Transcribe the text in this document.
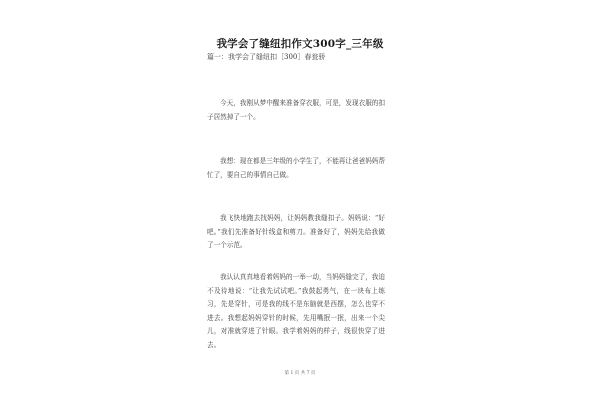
我学会了缝纽扣作文300字_三年级
篇一：我学会了缝纽扣［300］春瓮骄

今天，我刚从梦中醒来准备穿衣服，可是，发现衣服的扣子居然掉了一个。

我想：现在都是三年级的小学生了，不能再让爸爸妈妈帮忙了，要自己的事情自己做。

我飞快地跑去找妈妈，让妈妈教我缝扣子。妈妈说：“好吧。”我们先准备好针线盒和剪刀。准备好了，妈妈先给我做了一个示范。

我认认真真地看着妈妈的一举一动，当妈妈缝完了，我迫不及待地说：“让我先试试吧。”我鼓起勇气，在一块布上练习，先是穿针，可是我的线不是东脑就是西摆，怎么也穿不进去。我想起妈妈穿针的时候，先用嘴抿一抿，出来一个尖儿，对准就穿进了针眼。我学着妈妈的样子，线很快穿了进去。

第 1 页 共 7 页
